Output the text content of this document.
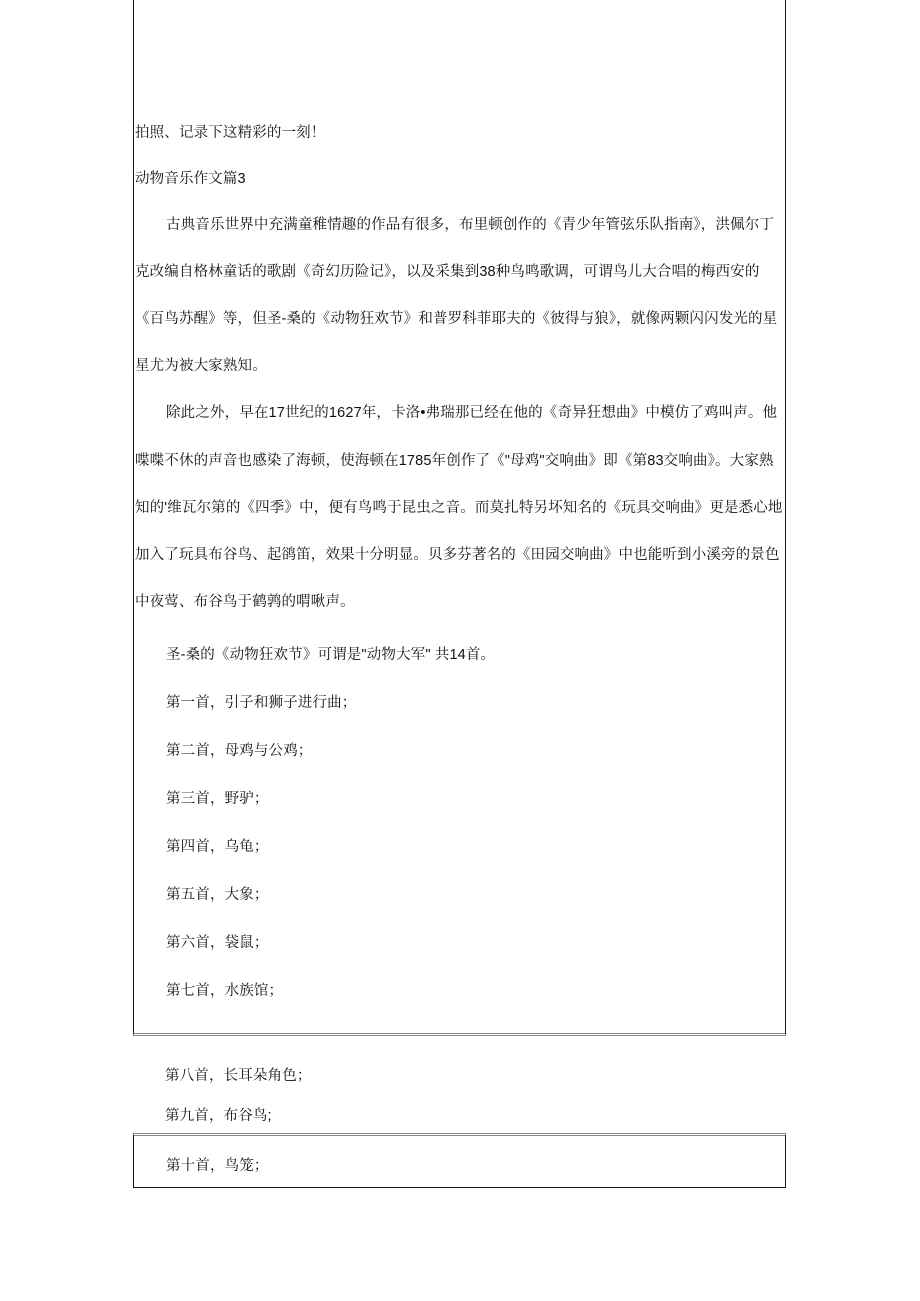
拍照、记录下这精彩的一刻！
动物音乐作文篇3
古典音乐世界中充满童稚情趣的作品有很多，布里顿创作的《青少年管弦乐队指南》，洪佩尔丁
克改编自格林童话的歌剧《奇幻历险记》，以及采集到38种鸟鸣歌调，可谓鸟儿大合唱的梅西安的
《百鸟苏醒》等，但圣-桑的《动物狂欢节》和普罗科菲耶夫的《彼得与狼》，就像两颗闪闪发光的星
星尤为被大家熟知。
除此之外，早在17世纪的1627年，卡洛•弗瑞那已经在他的《奇异狂想曲》中模仿了鸡叫声。他
喋喋不休的声音也感染了海顿，使海顿在1785年创作了《"母鸡"交响曲》即《第83交响曲》。大家熟
知的'维瓦尔第的《四季》中，便有鸟鸣于昆虫之音。而莫扎特另坏知名的《玩具交响曲》更是悉心地
加入了玩具布谷鸟、起鹆笛，效果十分明显。贝多芬著名的《田园交响曲》中也能听到小溪旁的景色
中夜莺、布谷鸟于鹤鹑的喟啾声。
圣-桑的《动物狂欢节》可谓是"动物大军" 共14首。
第一首，引子和狮子进行曲；
第二首，母鸡与公鸡；
第三首，野驴；
第四首，乌龟；
第五首，大象；
第六首，袋鼠；
第七首，水族馆；
第八首，长耳朵角色；
第九首，布谷鸟;
第十首，鸟笼；
